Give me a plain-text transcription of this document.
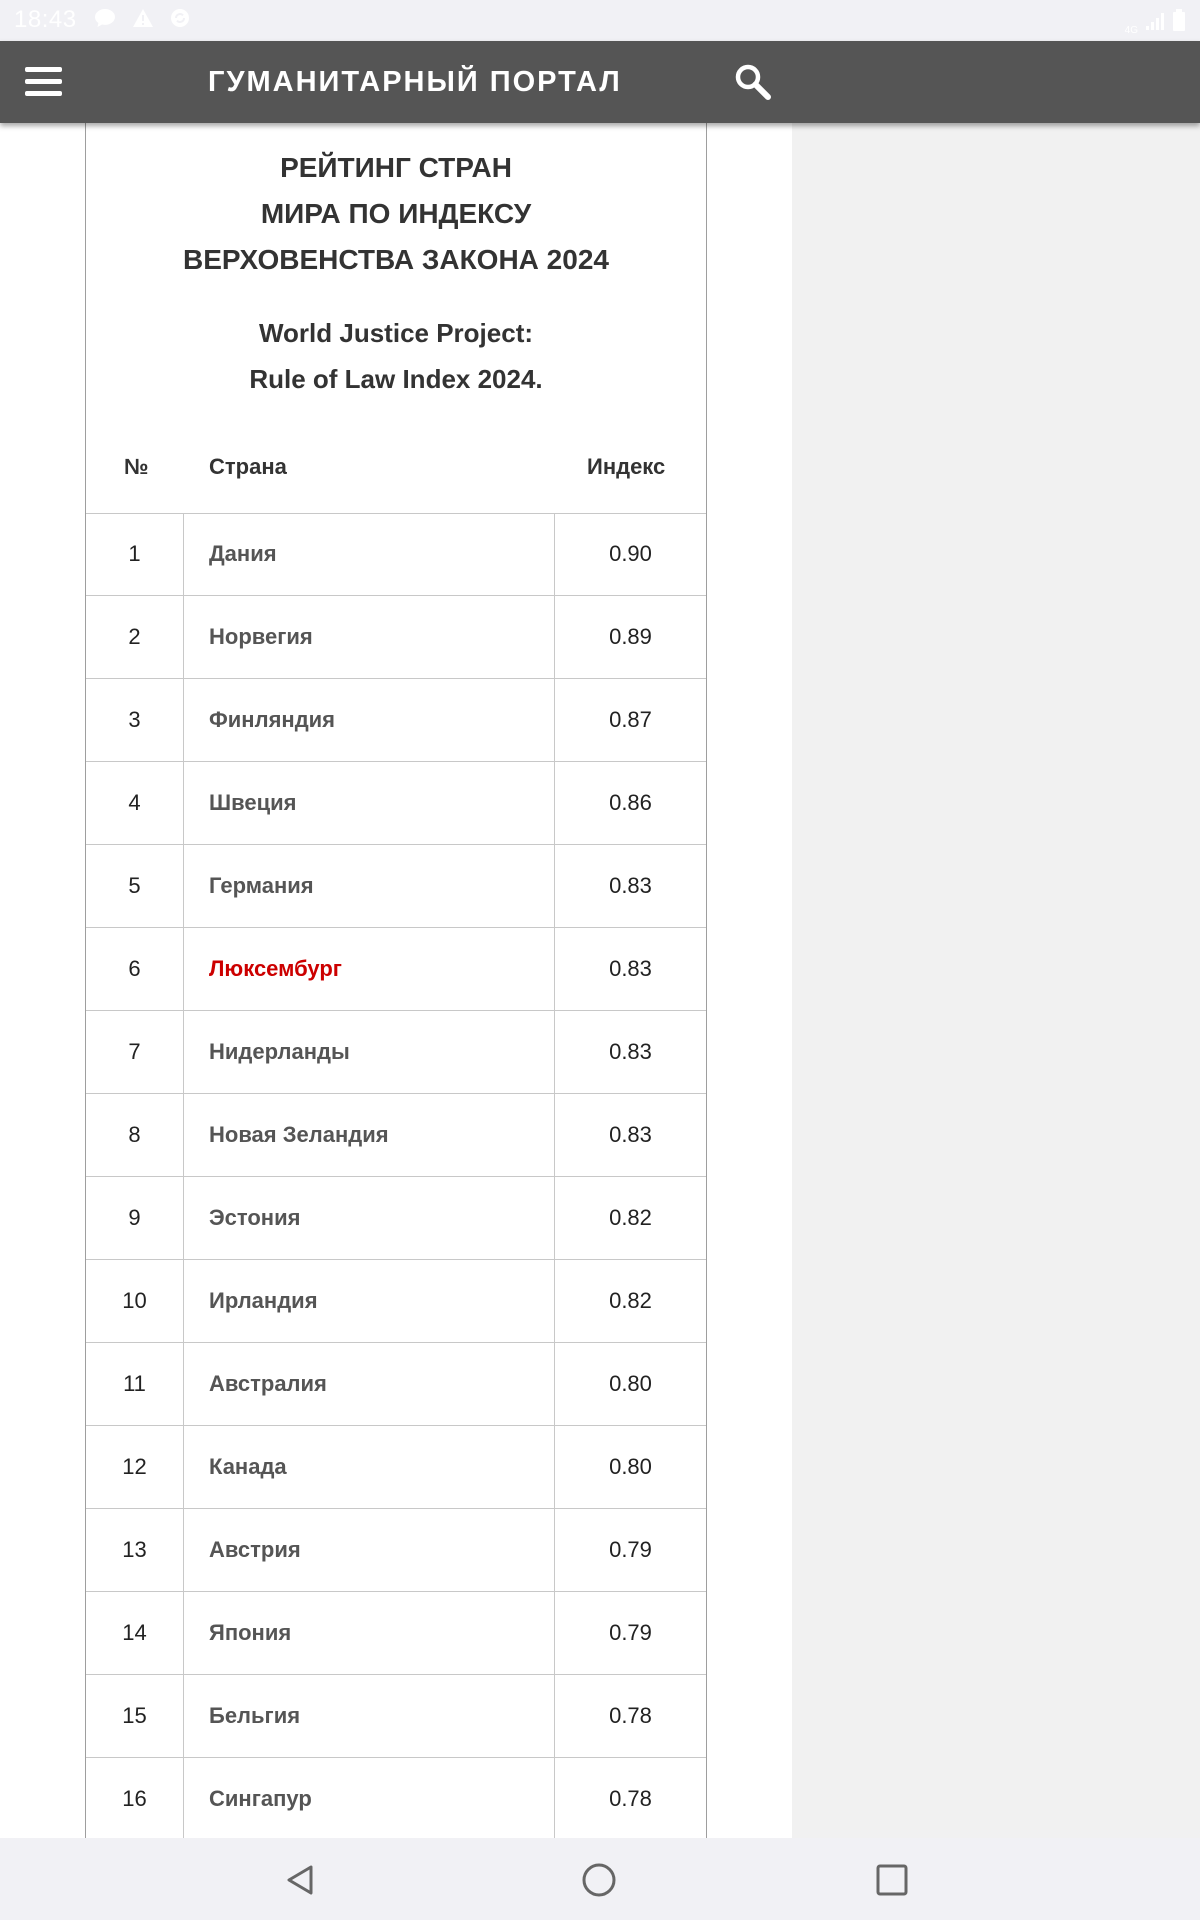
18:43	4G
ГУМАНИТАРНЫЙ ПОРТАЛ
РЕЙТИНГ СТРАН
МИРА ПО ИНДЕКСУ
ВЕРХОВЕНСТВА ЗАКОНА 2024
World Justice Project:
Rule of Law Index 2024.
№	Страна	Индекс
1	Дания	0.90
2	Норвегия	0.89
3	Финляндия	0.87
4	Швеция	0.86
5	Германия	0.83
6	Люксембург	0.83
7	Нидерланды	0.83
8	Новая Зеландия	0.83
9	Эстония	0.82
10	Ирландия	0.82
11	Австралия	0.80
12	Канада	0.80
13	Австрия	0.79
14	Япония	0.79
15	Бельгия	0.78
16	Сингапур	0.78
